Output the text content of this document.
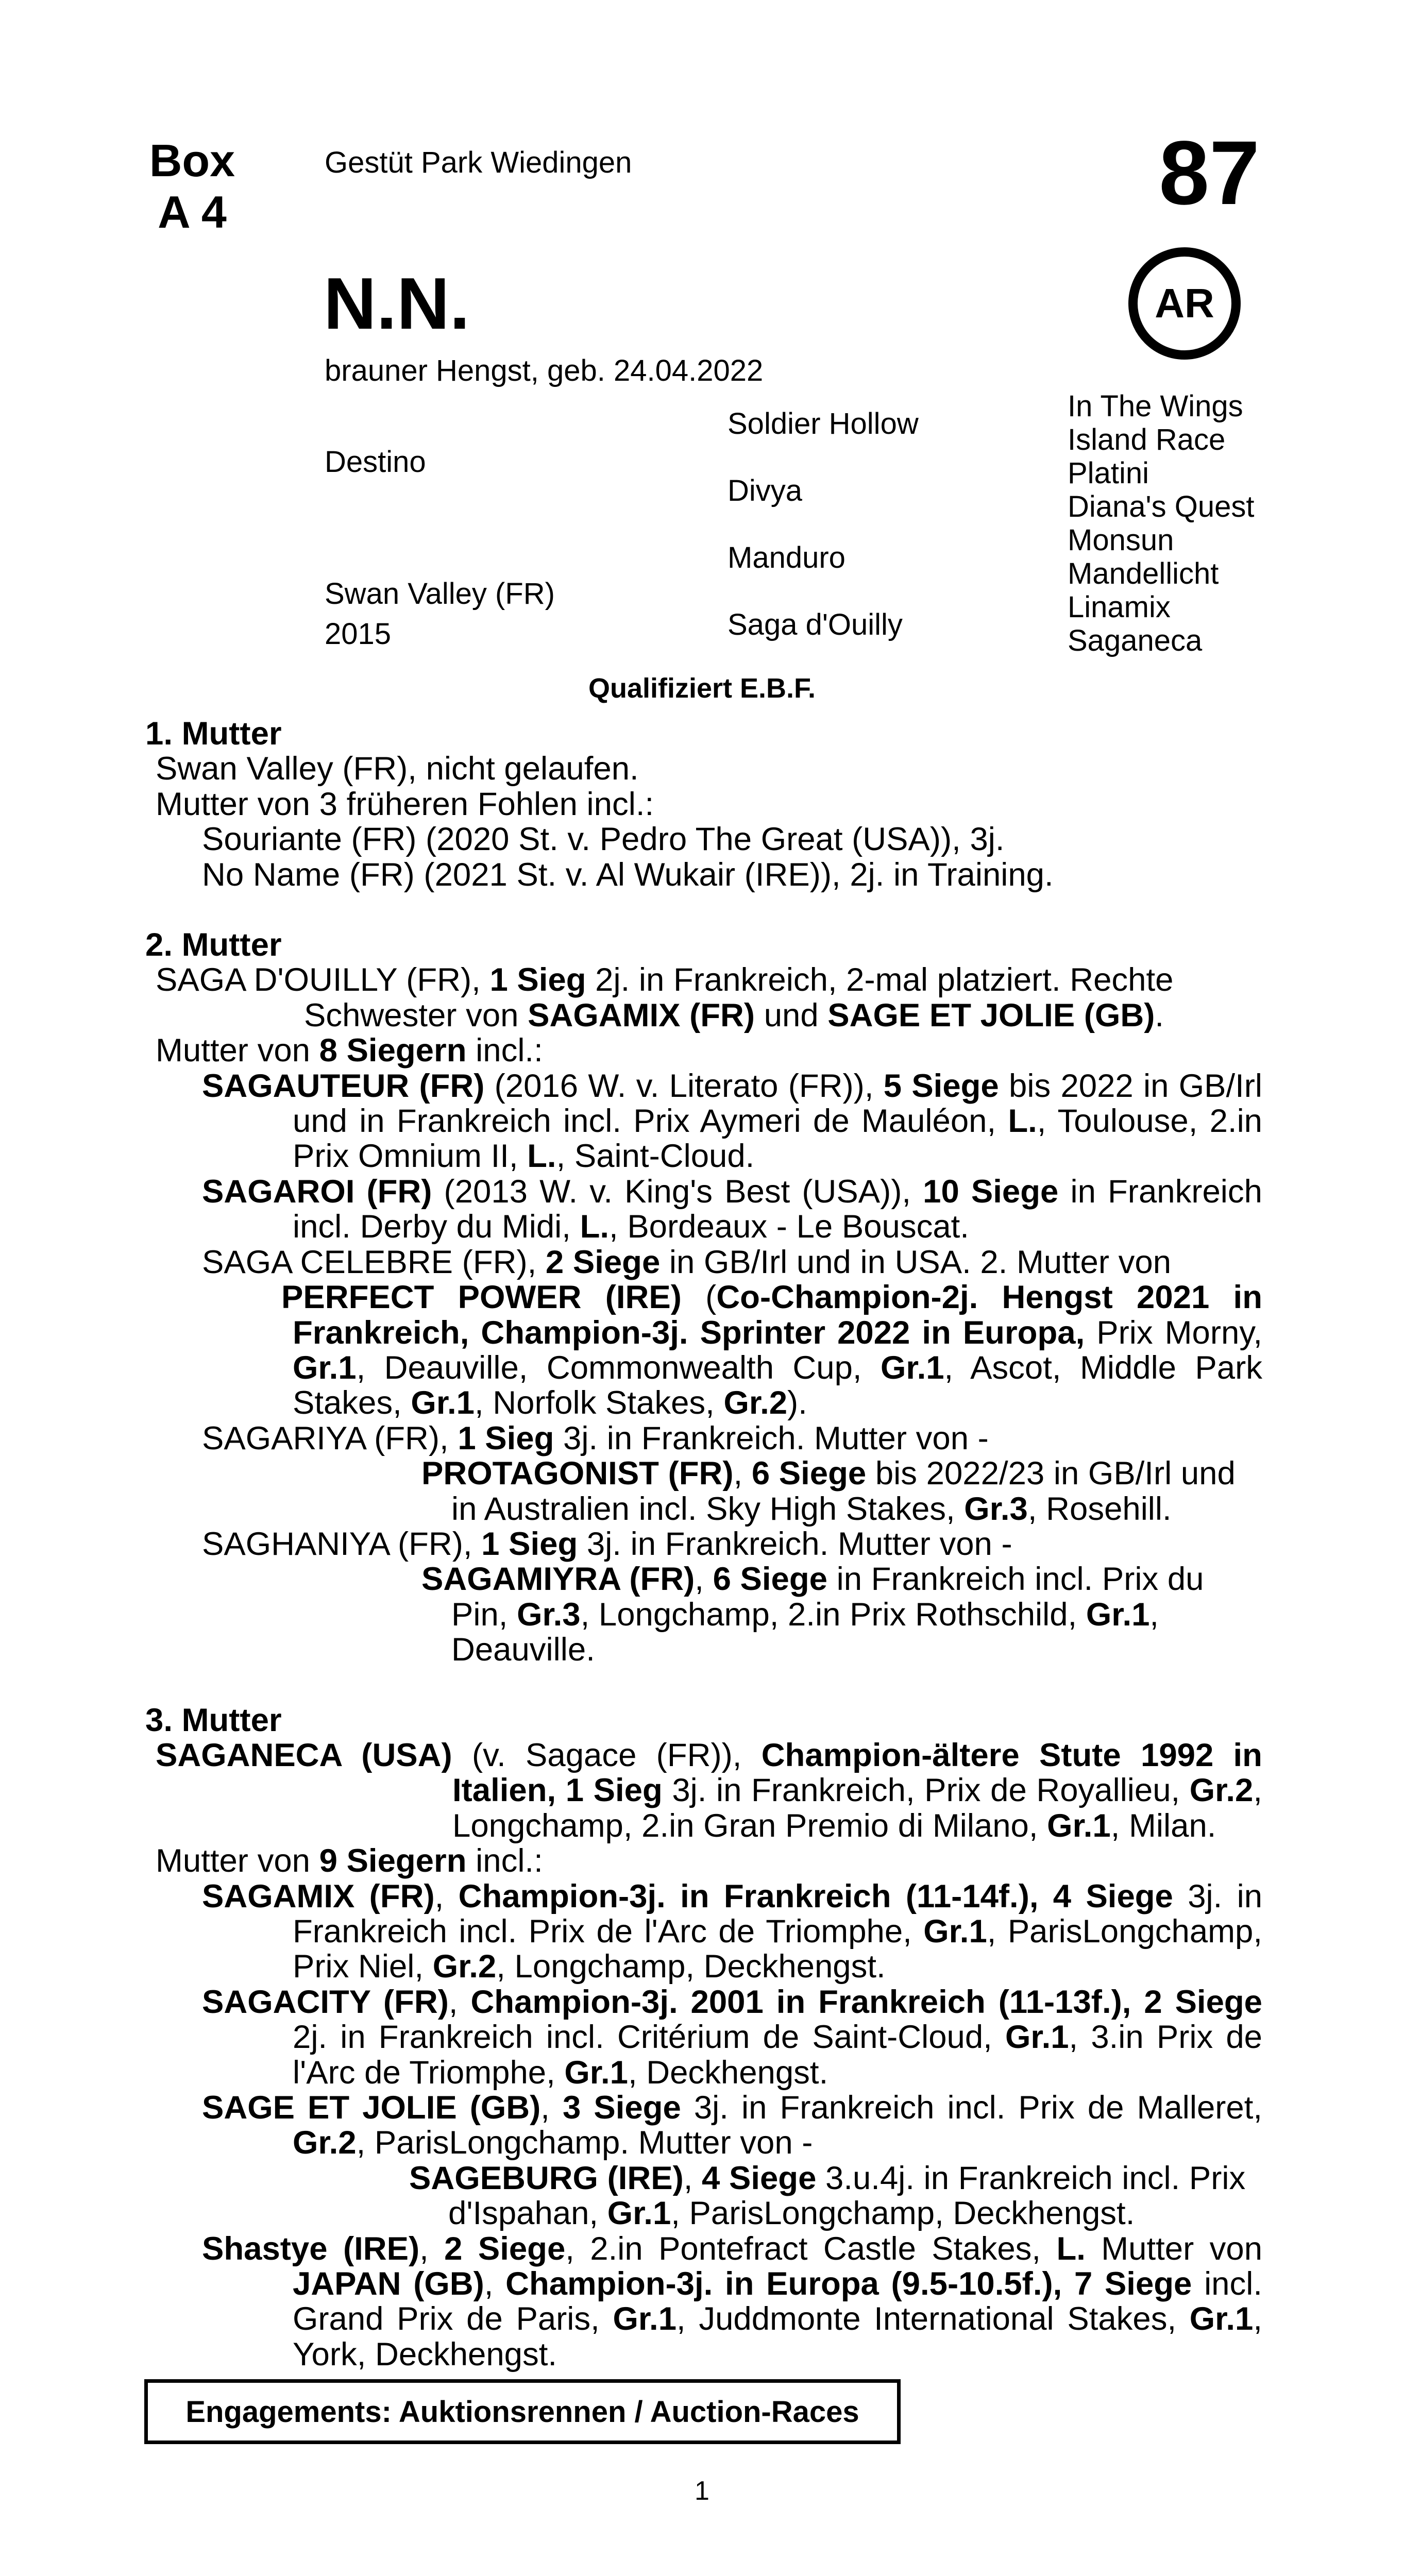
Box
A 4
Gestüt Park Wiedingen	87
N.N.
brauner Hengst, geb. 24.04.2022
AR
Destino
Swan Valley (FR)
2015
Soldier Hollow
Divya
Manduro
Saga d'Ouilly
In The Wings
Island Race
Platini
Diana's Quest
Monsun
Mandellicht
Linamix
Saganeca
Qualifiziert E.B.F.

1. Mutter

Swan Valley (FR), nicht gelaufen.

Mutter von 3 früheren Fohlen incl.:

Souriante (FR) (2020 St. v. Pedro The Great (USA)), 3j.

No Name (FR) (2021 St. v. Al Wukair (IRE)), 2j. in Training.

2. Mutter

SAGA D'OUILLY (FR), 1 Sieg 2j. in Frankreich, 2-mal platziert. Rechte Schwester von SAGAMIX (FR) und SAGE ET JOLIE (GB).

Mutter von 8 Siegern incl.:

SAGAUTEUR (FR) (2016 W. v. Literato (FR)), 5 Siege bis 2022 in GB/Irl und in Frankreich incl. Prix Aymeri de Mauléon, L., Toulouse, 2.in Prix Omnium II, L., Saint-Cloud.

SAGAROI (FR) (2013 W. v. King's Best (USA)), 10 Siege in Frankreich incl. Derby du Midi, L., Bordeaux - Le Bouscat.

SAGA CELEBRE (FR), 2 Siege in GB/Irl und in USA. 2. Mutter von

PERFECT POWER (IRE) (Co-Champion-2j. Hengst 2021 in Frankreich, Champion-3j. Sprinter 2022 in Europa, Prix Morny, Gr.1, Deauville, Commonwealth Cup, Gr.1, Ascot, Middle Park Stakes, Gr.1, Norfolk Stakes, Gr.2).

SAGARIYA (FR), 1 Sieg 3j. in Frankreich. Mutter von -

PROTAGONIST (FR), 6 Siege bis 2022/23 in GB/Irl und in Australien incl. Sky High Stakes, Gr.3, Rosehill.

SAGHANIYA (FR), 1 Sieg 3j. in Frankreich. Mutter von -

SAGAMIYRA (FR), 6 Siege in Frankreich incl. Prix du Pin, Gr.3, Longchamp, 2.in Prix Rothschild, Gr.1, Deauville.

3. Mutter

SAGANECA (USA) (v. Sagace (FR)), Champion-ältere Stute 1992 in Italien, 1 Sieg 3j. in Frankreich, Prix de Royallieu, Gr.2, Longchamp, 2.in Gran Premio di Milano, Gr.1, Milan.

Mutter von 9 Siegern incl.:

SAGAMIX (FR), Champion-3j. in Frankreich (11-14f.), 4 Siege 3j. in Frankreich incl. Prix de l'Arc de Triomphe, Gr.1, ParisLongchamp, Prix Niel, Gr.2, Longchamp, Deckhengst.

SAGACITY (FR), Champion-3j. 2001 in Frankreich (11-13f.), 2 Siege 2j. in Frankreich incl. Critérium de Saint-Cloud, Gr.1, 3.in Prix de l'Arc de Triomphe, Gr.1, Deckhengst.

SAGE ET JOLIE (GB), 3 Siege 3j. in Frankreich incl. Prix de Malleret, Gr.2, ParisLongchamp. Mutter von -

SAGEBURG (IRE), 4 Siege 3.u.4j. in Frankreich incl. Prix d'Ispahan, Gr.1, ParisLongchamp, Deckhengst.

Shastye (IRE), 2 Siege, 2.in Pontefract Castle Stakes, L. Mutter von JAPAN (GB), Champion-3j. in Europa (9.5-10.5f.), 7 Siege incl. Grand Prix de Paris, Gr.1, Juddmonte International Stakes, Gr.1, York, Deckhengst.

Engagements: Auktionsrennen / Auction-Races
1
